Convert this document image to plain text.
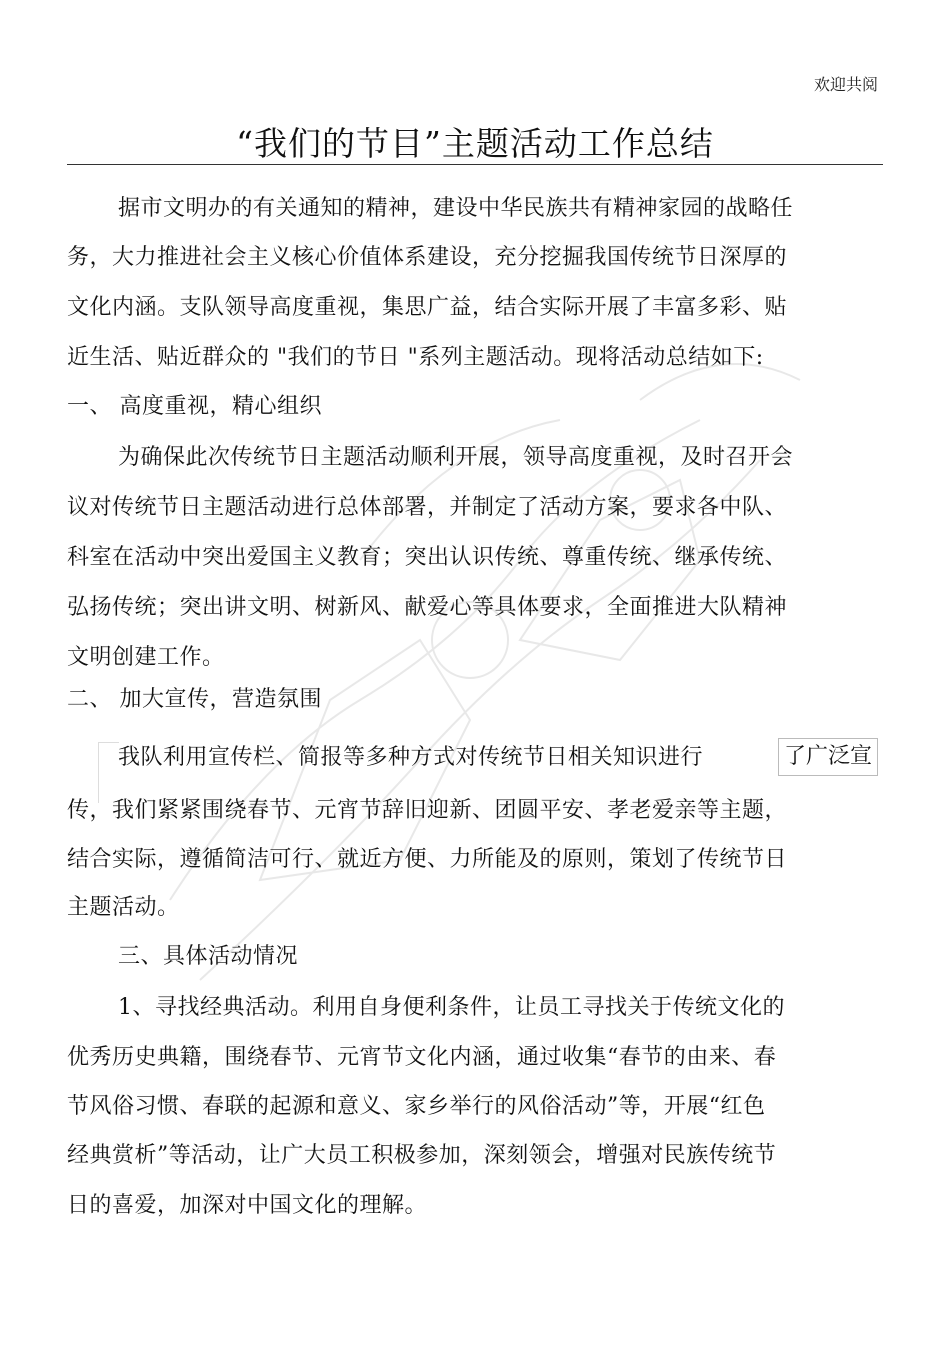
欢迎共阅
“我们的节目”主题活动工作总结
据市文明办的有关通知的精神，建设中华民族共有精神家园的战略任
务，大力推进社会主义核心价值体系建设，充分挖掘我国传统节日深厚的
文化内涵。支队领导高度重视，集思广益，结合实际开展了丰富多彩、贴
近生活、贴近群众的 "我们的节日 "系列主题活动。现将活动总结如下:
一、 高度重视，精心组织
为确保此次传统节日主题活动顺利开展，领导高度重视，及时召开会
议对传统节日主题活动进行总体部署，并制定了活动方案，要求各中队、
科室在活动中突出爱国主义教育；突出认识传统、尊重传统、继承传统、
弘扬传统；突出讲文明、树新风、献爱心等具体要求，全面推进大队精神
文明创建工作。
二、 加大宣传，营造氛围
我队利用宣传栏、简报等多种方式对传统节日相关知识进行	了广泛宣
传，我们紧紧围绕春节、元宵节辞旧迎新、团圆平安、孝老爱亲等主题，
结合实际，遵循简洁可行、就近方便、力所能及的原则，策划了传统节日
主题活动。
三、具体活动情况
1、寻找经典活动。利用自身便利条件，让员工寻找关于传统文化的
优秀历史典籍，围绕春节、元宵节文化内涵，通过收集“春节的由来、春
节风俗习惯、春联的起源和意义、家乡举行的风俗活动”等，开展“红色
经典赏析”等活动，让广大员工积极参加，深刻领会，增强对民族传统节
日的喜爱，加深对中国文化的理解。
